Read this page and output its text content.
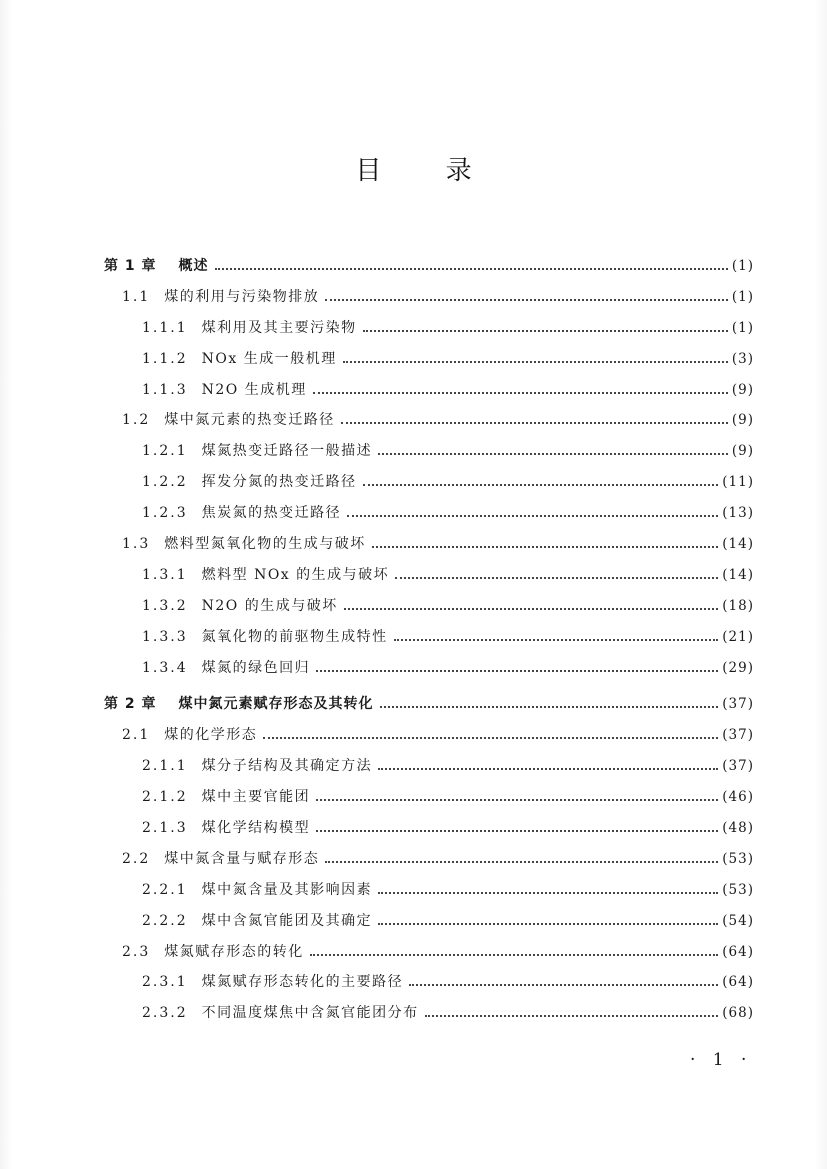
目 录
第 1 章 概述	(1)
1.1 煤的利用与污染物排放	(1)
1.1.1 煤利用及其主要污染物	(1)
1.1.2 NOx 生成一般机理	(3)
1.1.3 N2O 生成机理	(9)
1.2 煤中氮元素的热变迁路径	(9)
1.2.1 煤氮热变迁路径一般描述	(9)
1.2.2 挥发分氮的热变迁路径	(11)
1.2.3 焦炭氮的热变迁路径	(13)
1.3 燃料型氮氧化物的生成与破坏	(14)
1.3.1 燃料型 NOx 的生成与破坏	(14)
1.3.2 N2O 的生成与破坏	(18)
1.3.3 氮氧化物的前驱物生成特性	(21)
1.3.4 煤氮的绿色回归	(29)
第 2 章 煤中氮元素赋存形态及其转化	(37)
2.1 煤的化学形态	(37)
2.1.1 煤分子结构及其确定方法	(37)
2.1.2 煤中主要官能团	(46)
2.1.3 煤化学结构模型	(48)
2.2 煤中氮含量与赋存形态	(53)
2.2.1 煤中氮含量及其影响因素	(53)
2.2.2 煤中含氮官能团及其确定	(54)
2.3 煤氮赋存形态的转化	(64)
2.3.1 煤氮赋存形态转化的主要路径	(64)
2.3.2 不同温度煤焦中含氮官能团分布	(68)
· 1 ·
